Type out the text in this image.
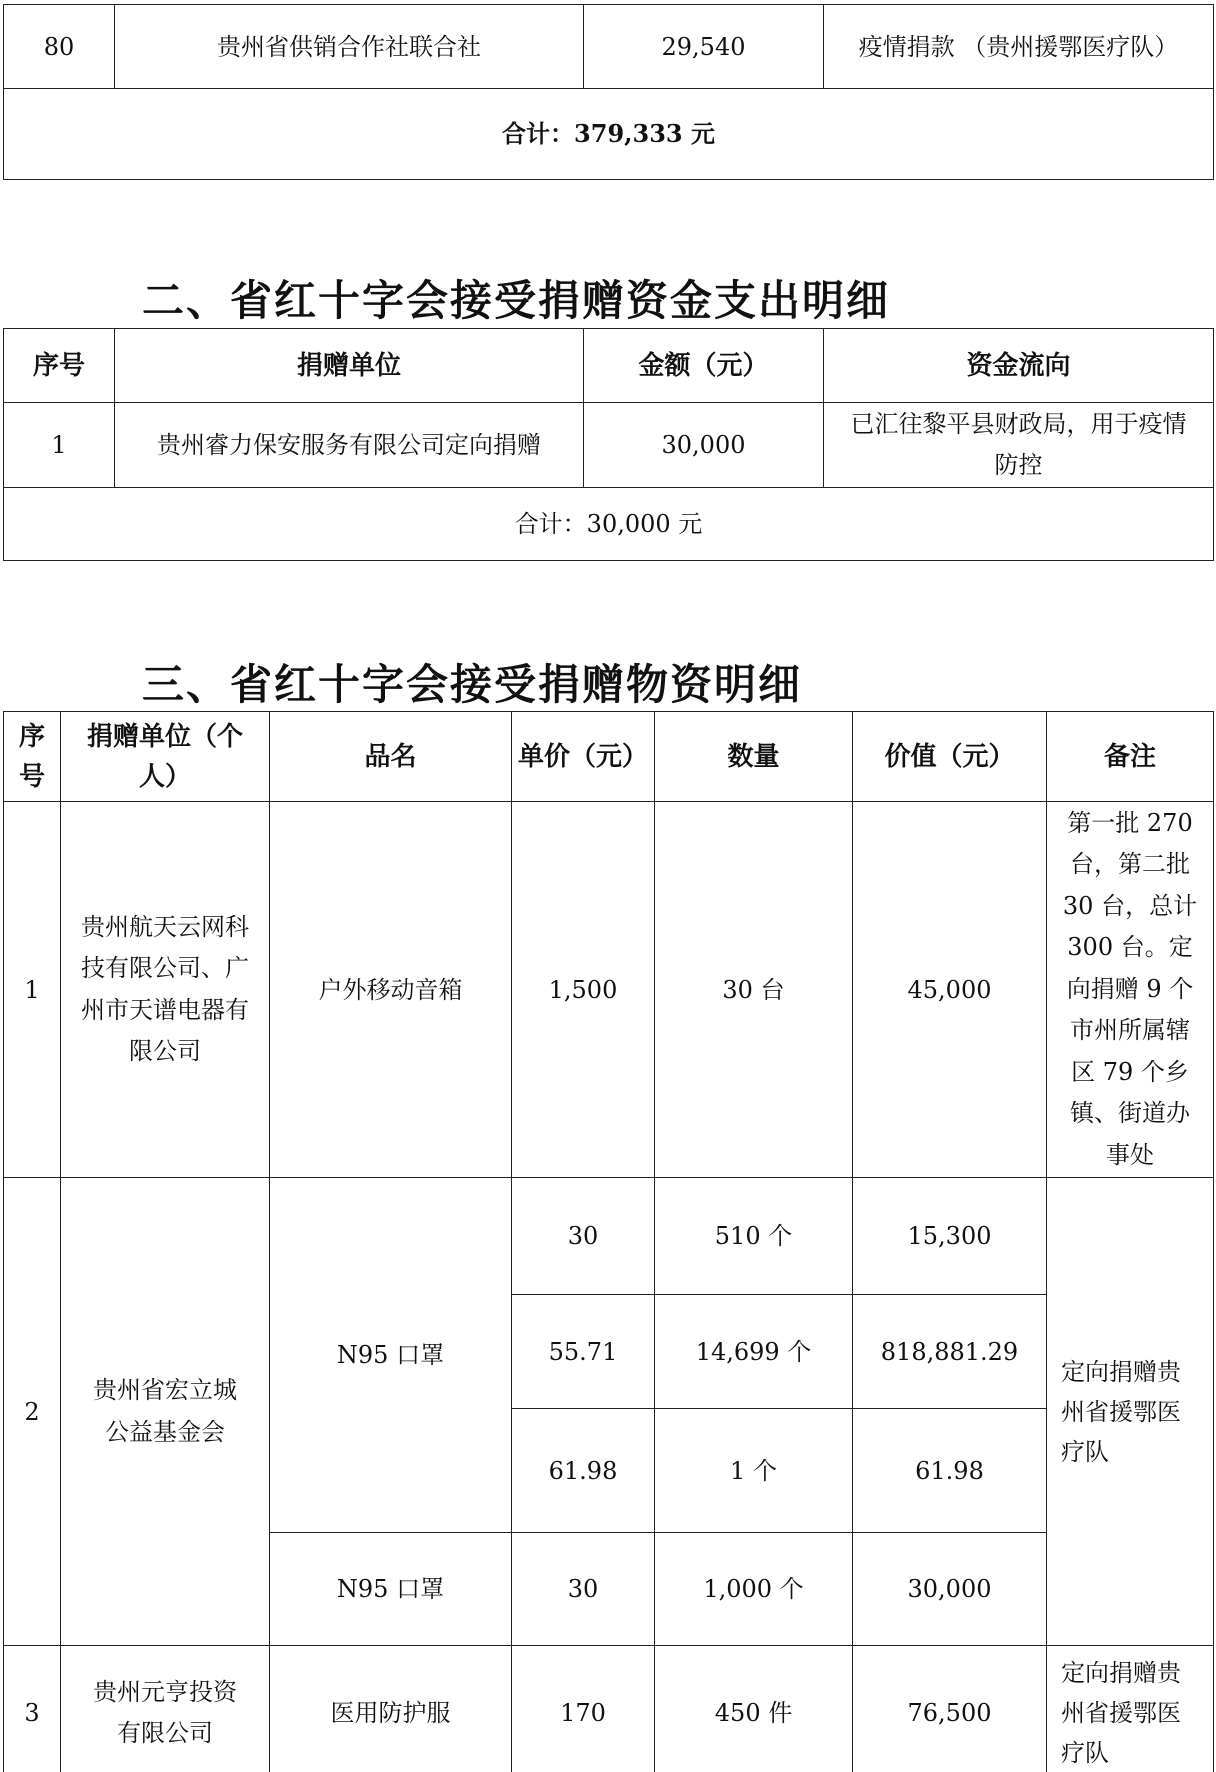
80	贵州省供销合作社联合社	29,540	疫情捐款 （贵州援鄂医疗队）
合计：379,333 元
二、省红十字会接受捐赠资金支出明细
序号	捐赠单位	金额（元）	资金流向
1	贵州睿力保安服务有限公司定向捐赠	30,000	已汇往黎平县财政局，用于疫情防控
合计：30,000 元			
三、省红十字会接受捐赠物资明细
序号	捐赠单位（个人）	品名	单价（元）	数量	价值（元）	备注
1	贵州航天云网科技有限公司、广州市天谱电器有限公司	户外移动音箱	1,500	30 台	45,000	第一批 270 台，第二批 30 台，总计 300 台。定向捐赠 9 个市州所属辖区 79 个乡镇、街道办事处
2	贵州省宏立城公益基金会	N95 口罩	30	510 个	15,300	定向捐赠贵州省援鄂医疗队
			55.71	14,699 个	818,881.29	
			61.98	1 个	61.98	
		N95 口罩	30	1,000 个	30,000	
3	贵州元亨投资有限公司	医用防护服	170	450 件	76,500	定向捐赠贵州省援鄂医疗队
